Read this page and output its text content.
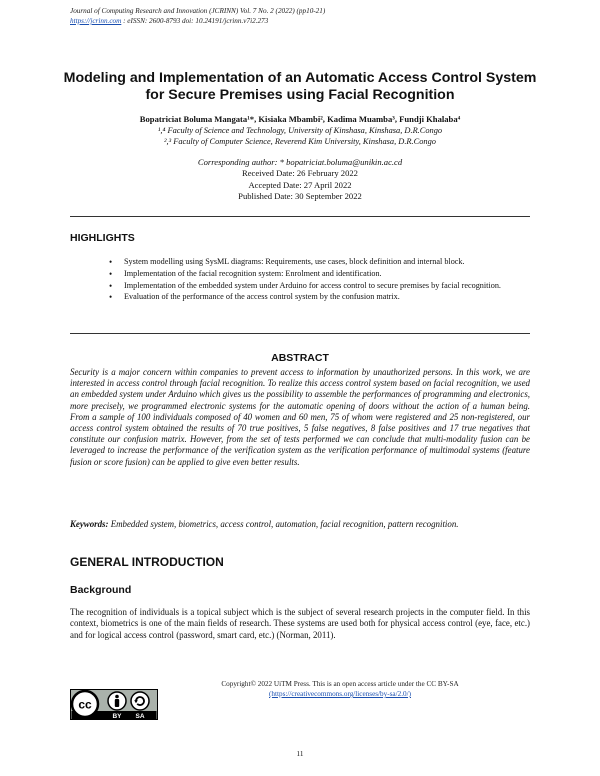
Journal of Computing Research and Innovation (JCRINN) Vol. 7 No. 2 (2022) (pp10-21)
https://jcrinn.com : eISSN: 2600-8793 doi: 10.24191/jcrinn.v7i2.273
Modeling and Implementation of an Automatic Access Control System
for Secure Premises using Facial Recognition
Bopatriciat Boluma Mangata¹*, Kisiaka Mbambi², Kadima Muamba³, Fundji Khalaba⁴
¹,⁴ Faculty of Science and Technology, University of Kinshasa, Kinshasa, D.R.Congo
²,³ Faculty of Computer Science, Reverend Kim University, Kinshasa, D.R.Congo
Corresponding author: * bopatriciat.boluma@unikin.ac.cd
Received Date: 26 February 2022
Accepted Date: 27 April 2022
Published Date: 30 September 2022
HIGHLIGHTS
• System modelling using SysML diagrams: Requirements, use cases, block definition and internal block.
• Implementation of the facial recognition system: Enrolment and identification.
• Implementation of the embedded system under Arduino for access control to secure premises by facial recognition.
• Evaluation of the performance of the access control system by the confusion matrix.
ABSTRACT
Security is a major concern within companies to prevent access to information by unauthorized persons. In this work, we are interested in access control through facial recognition. To realize this access control system based on facial recognition, we used an embedded system under Arduino which gives us the possibility to assemble the performances of programming and electronics, more precisely, we programmed electronic systems for the automatic opening of doors without the action of a human being. From a sample of 100 individuals composed of 40 women and 60 men, 75 of whom were registered and 25 non-registered, our access control system obtained the results of 70 true positives, 5 false negatives, 8 false positives and 17 true negatives that constitute our confusion matrix. However, from the set of tests performed we can conclude that multi-modality fusion can be leveraged to increase the performance of the verification system as the verification performance of multimodal systems (feature fusion or score fusion) can be applied to give even better results.
Keywords: Embedded system, biometrics, access control, automation, facial recognition, pattern recognition.
GENERAL INTRODUCTION
Background
The recognition of individuals is a topical subject which is the subject of several research projects in the computer field. In this context, biometrics is one of the main fields of research. These systems are used both for physical access control (eye, face, etc.) and for logical access control (password, smart card, etc.) (Norman, 2011).
cc
BY SA
Copyright© 2022 UiTM Press. This is an open access article under the CC BY-SA
(https://creativecommons.org/licenses/by-sa/2.0/)
11
